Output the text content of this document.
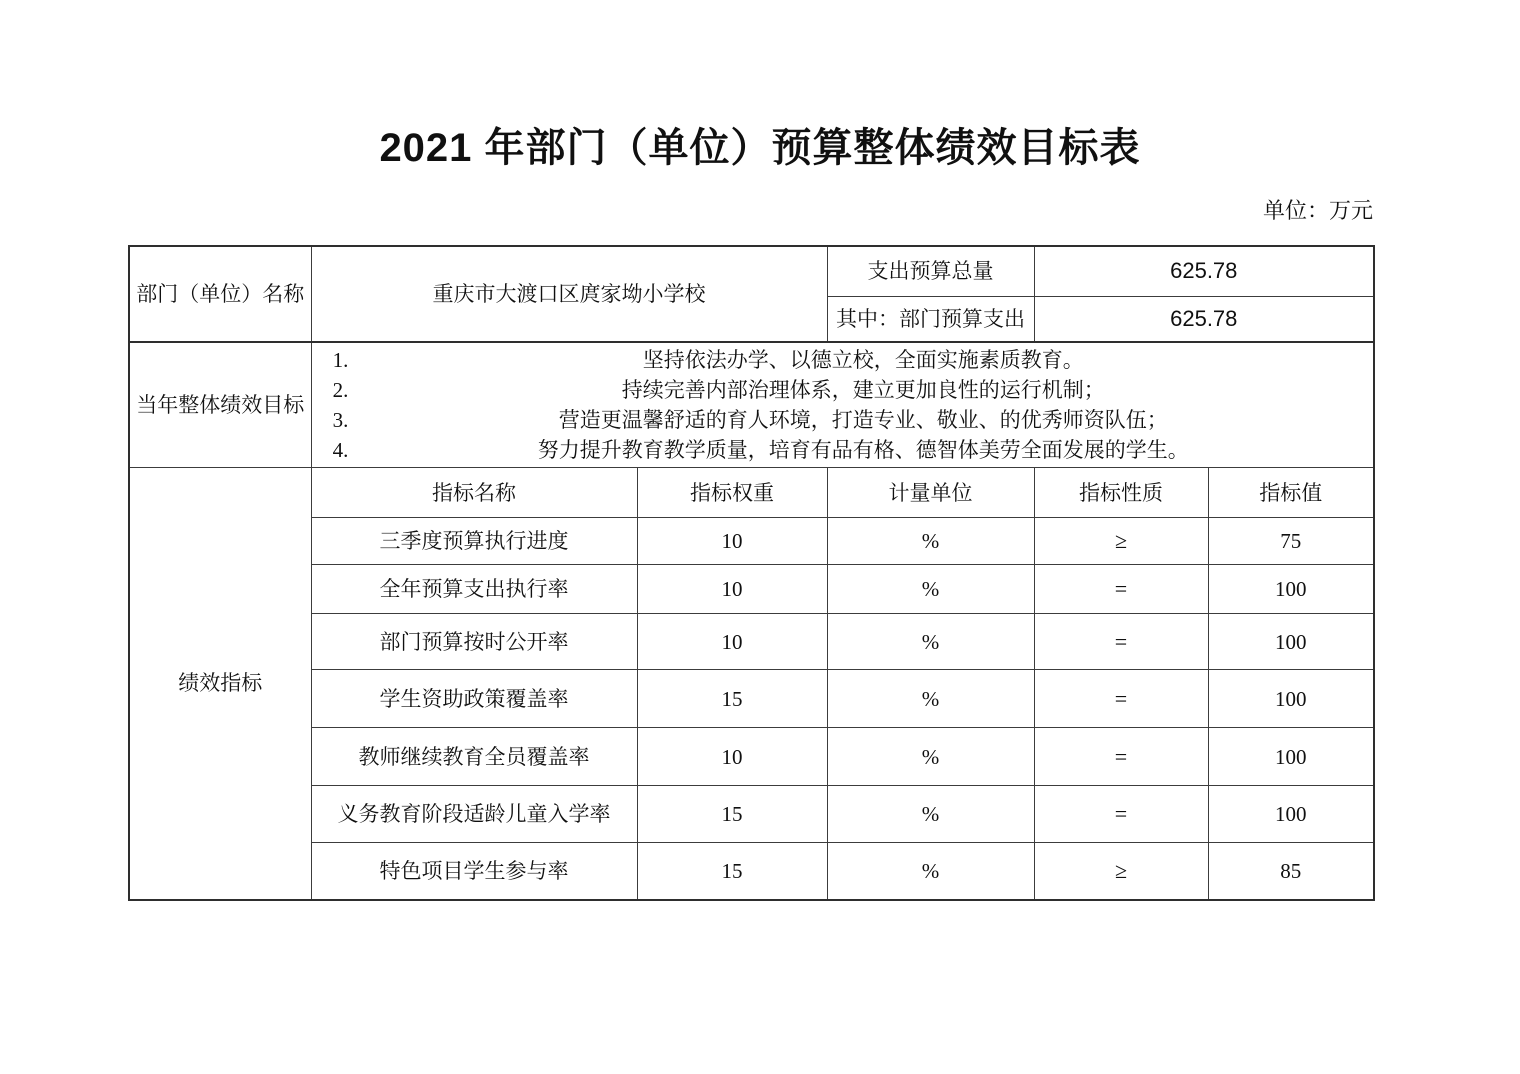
2021 年部门（单位）预算整体绩效目标表
单位：万元
部门（单位）名称	重庆市大渡口区庹家坳小学校		支出预算总量	625.78	
			其中：部门预算支出	625.78	
当年整体绩效目标	
1.	坚持依法办学、以德立校，全面实施素质教育。
2.	持续完善内部治理体系，建立更加良性的运行机制；
3.	营造更温馨舒适的育人环境，打造专业、敬业、的优秀师资队伍；
4.	努力提升教育教学质量，培育有品有格、德智体美劳全面发展的学生。

绩效指标	指标名称	指标权重	计量单位	指标性质	指标值
	三季度预算执行进度	10	%	≥	75
	全年预算支出执行率	10	%	=	100
	部门预算按时公开率	10	%	=	100
	学生资助政策覆盖率	15	%	=	100
	教师继续教育全员覆盖率	10	%	=	100
	义务教育阶段适龄儿童入学率	15	%	=	100
	特色项目学生参与率	15	%	≥	85
